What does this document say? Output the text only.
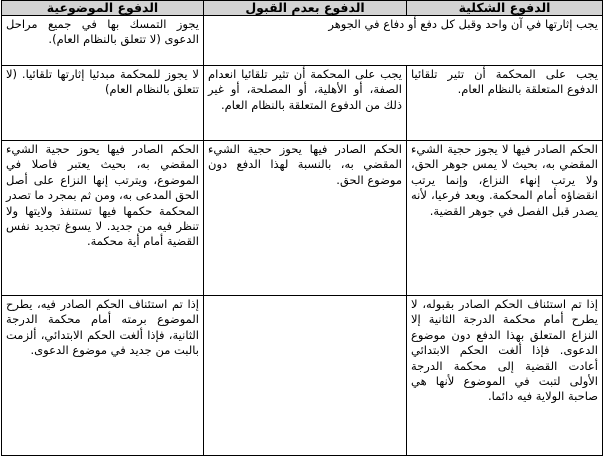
الدفوع الشكلية	الدفوع بعدم القبول	الدفوع الموضوعية
يجب إثارتها في آن واحد وقبل كل دفع أو دفاع في الجوهر		يجوز التمسك بها في جميع مراحل الدعوى (لا تتعلق بالنظام العام).
يجب على المحكمة أن تثير تلقائيا الدفوع المتعلقة بالنظام العام.	يجب على المحكمة أن تثير تلقائيا انعدام الصفة، أو الأهلية، أو المصلحة، أو غير ذلك من الدفوع المتعلقة بالنظام العام.	لا يجوز للمحكمة مبدئيا إثارتها تلقائيا. (لا تتعلق بالنظام العام)
الحكم الصادر فيها لا يجوز حجية الشيء المقضي به، بحيث لا يمس جوهر الحق، ولا يرتب إنهاء النزاع، وإنما يرتب انقضاؤه أمام المحكمة. ويعد فرعيا، لأنه يصدر قبل الفصل في جوهر القضية.	الحكم الصادر فيها يحوز حجية الشيء المقضي به، بالنسبة لهذا الدفع دون موضوع الحق.	الحكم الصادر فيها يحوز حجية الشيء المقضي به، بحيث يعتبر فاصلا في الموضوع، ويترتب إنها النزاع على أصل الحق المدعى به، ومن ثم بمجرد ما تصدر المحكمة حكمها فيها تستنفذ ولايتها ولا تنظر فيه من جديد. لا يسوغ تجديد نفس القضية أمام أية محكمة.
إذا تم استئناف الحكم الصادر بقبوله، لا يطرح أمام محكمة الدرجة الثانية إلا النزاع المتعلق بهذا الدفع دون موضوع الدعوى. فإذا ألغت الحكم الابتدائي أعادت القضية إلى محكمة الدرجة الأولى لتبت في الموضوع لأنها هي صاحبة الولاية فيه دائما.		إذا تم استئناف الحكم الصادر فيه، يطرح الموضوع برمته أمام محكمة الدرجة الثانية، فإذا ألغت الحكم الابتدائي، ألزمت بالبت من جديد في موضوع الدعوى.
